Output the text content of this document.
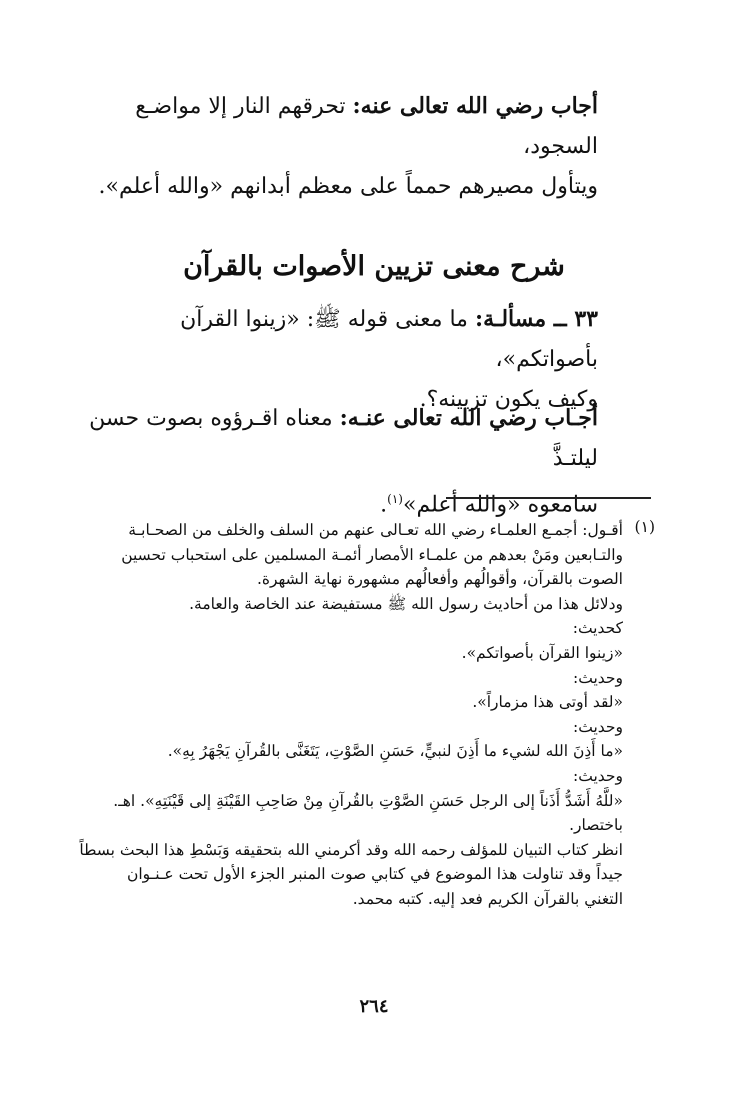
أجاب رضي الله تعالى عنه: تحرقهم النار إلا مواضـع السجود،
ويتأول مصيرهم حمماً على معظم أبدانهم «والله أعلم».
شرح معنى تزيين الأصوات بالقرآن
٣٣ ــ مسألـة: ما معنى قوله ﷺ: «زينوا القرآن بأصواتكم»،
وكيف يكون تزيينه؟.
أجـاب رضي الله تعالى عنـه: معناه اقـرؤوه بصوت حسن ليلتـذَّ
سامعوه «والله أعلم»$^{(١)}$.
(١)

أقـول: أجمـع العلمـاء رضي الله تعـالى عنهم من السلف والخلف من الصحـابـة

والتـابعين ومَنْ بعدهم من علمـاء الأمصار أئمـة المسلمين على استحباب تحسين

الصوت بالقرآن، وأقوالُهم وأفعالُهم مشهورة نهاية الشهرة.

ودلائل هذا من أحاديث رسول الله ﷺ مستفيضة عند الخاصة والعامة.

كحديث:

«زينوا القرآن بأصواتكم».

وحديث:

«لقد أوتى هذا مزماراً».

وحديث:

«ما أَذِنَ الله لشيء ما أَذِنَ لنبيٍّ، حَسَنِ الصَّوْتِ، يَتَغَنَّى بالقُرآنِ يَجْهَرُ بِهِ».

وحديث:

«للَّهُ أَشَدُّ أَذَناً إلى الرجل حَسَنِ الصَّوْتِ بالقُرآنِ مِنْ صَاحِبِ القَيْنَةِ إلى قَيْنَتِهِ». اهـ.

باختصار.

انظر كتاب التبيان للمؤلف رحمه الله وقد أكرمني الله بتحقيقه وَبَسْطِ هذا البحث بسطاً

جيداً وقد تناولت هذا الموضوع في كتابي صوت المنبر الجزء الأول تحت عـنـوان

التغني بالقرآن الكريم فعد إليه. كتبه محمد.

٢٦٤
